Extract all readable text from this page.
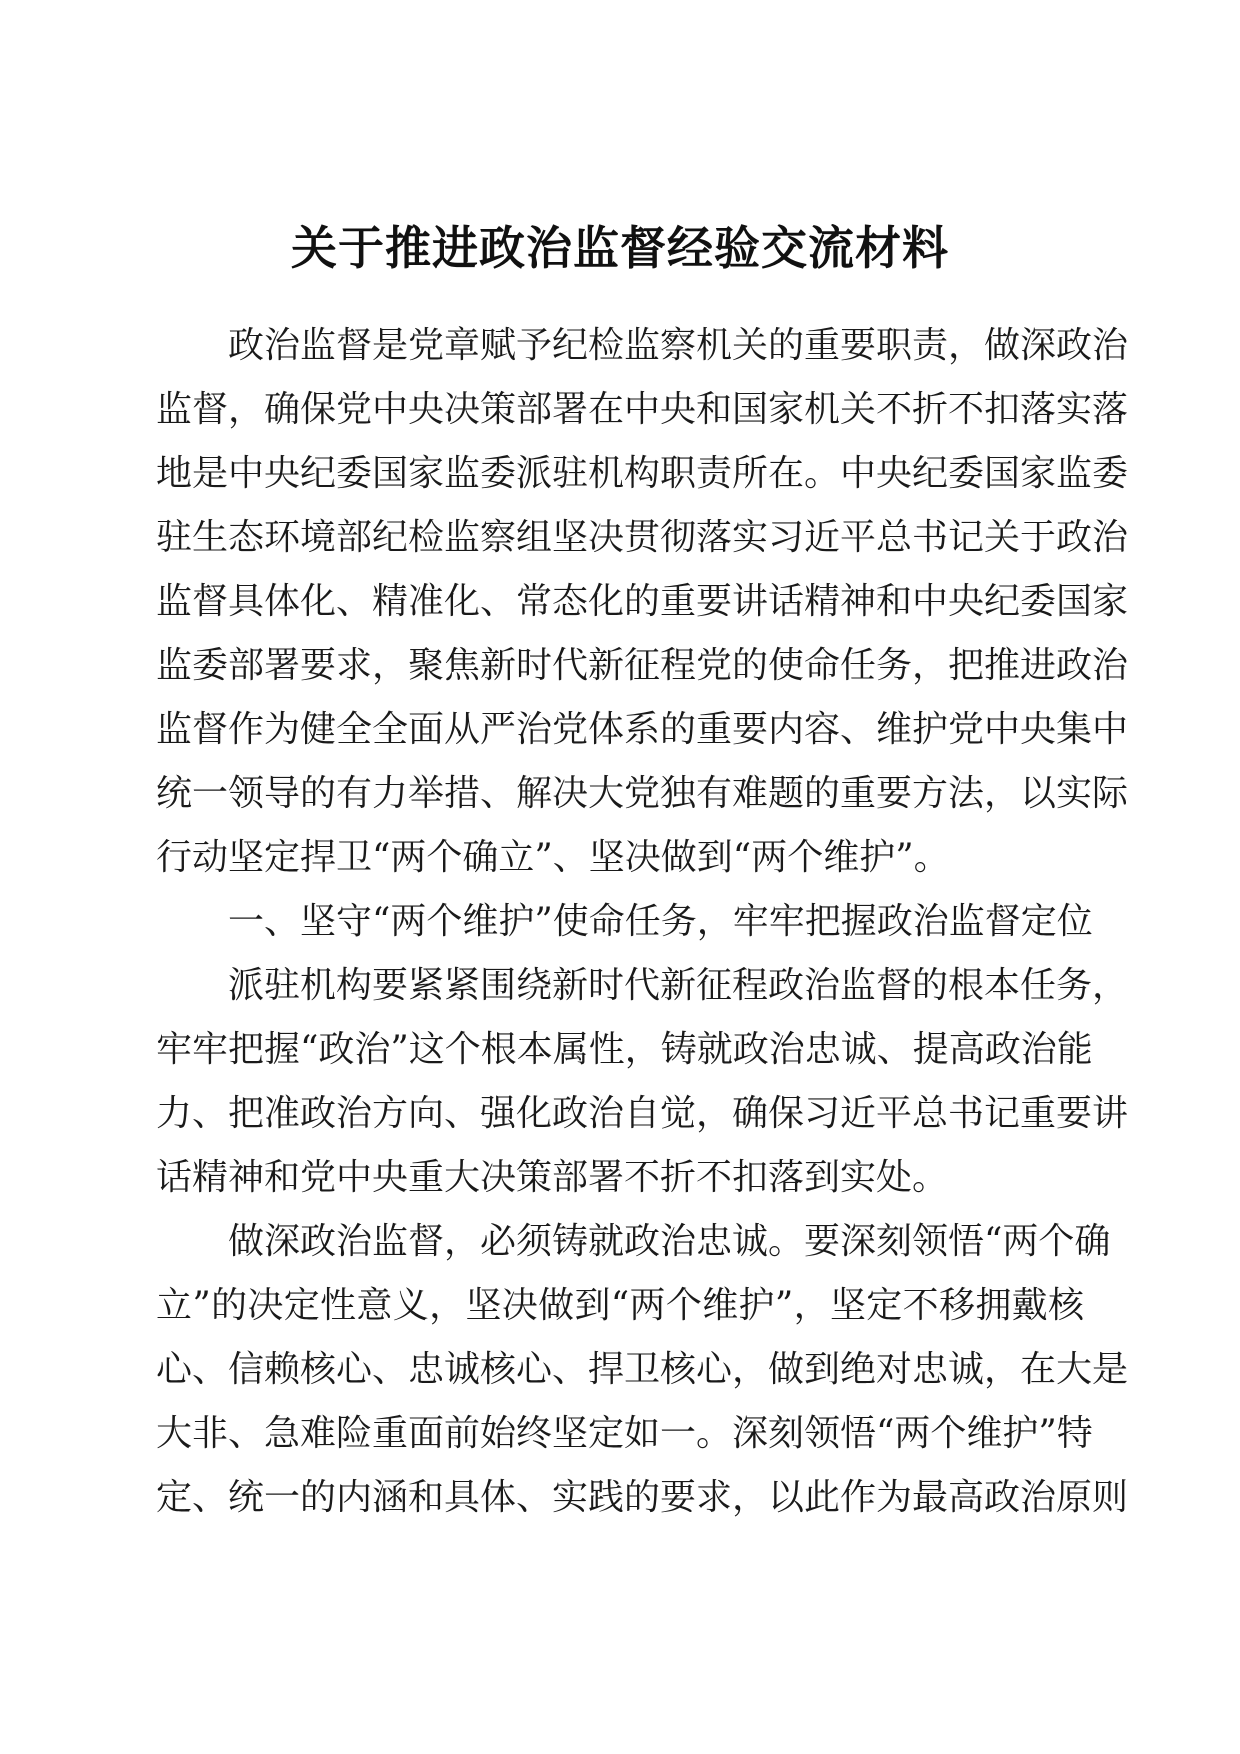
关于推进政治监督经验交流材料
政治监督是党章赋予纪检监察机关的重要职责，做深政治
监督，确保党中央决策部署在中央和国家机关不折不扣落实落
地是中央纪委国家监委派驻机构职责所在。中央纪委国家监委
驻生态环境部纪检监察组坚决贯彻落实习近平总书记关于政治
监督具体化、精准化、常态化的重要讲话精神和中央纪委国家
监委部署要求，聚焦新时代新征程党的使命任务，把推进政治
监督作为健全全面从严治党体系的重要内容、维护党中央集中
统一领导的有力举措、解决大党独有难题的重要方法，以实际
行动坚定捍卫“两个确立”、坚决做到“两个维护”。
一、坚守“两个维护”使命任务，牢牢把握政治监督定位
派驻机构要紧紧围绕新时代新征程政治监督的根本任务，
牢牢把握“政治”这个根本属性，铸就政治忠诚、提高政治能
力、把准政治方向、强化政治自觉，确保习近平总书记重要讲
话精神和党中央重大决策部署不折不扣落到实处。
做深政治监督，必须铸就政治忠诚。要深刻领悟“两个确
立”的决定性意义，坚决做到“两个维护”，坚定不移拥戴核
心、信赖核心、忠诚核心、捍卫核心，做到绝对忠诚，在大是
大非、急难险重面前始终坚定如一。深刻领悟“两个维护”特
定、统一的内涵和具体、实践的要求，以此作为最高政治原则
